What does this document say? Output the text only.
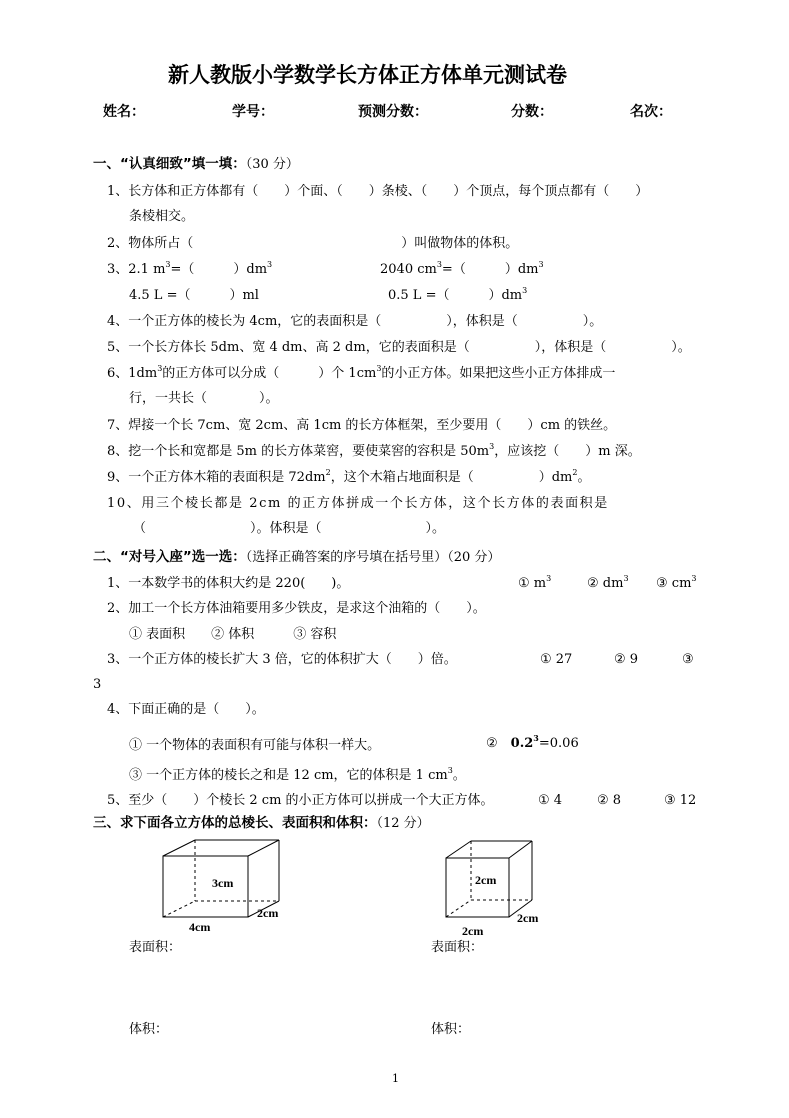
新人教版小学数学长方体正方体单元测试卷
姓名：	学号：	预测分数：	分数：	名次：
一、“认真细致”填一填：（30 分）
1、长方体和正方体都有（　　）个面、（　　）条棱、（　　）个顶点，每个顶点都有（　　）
条棱相交。
2、物体所占（　　　　　　　　　　　　　　　　）叫做物体的体积。
3、2.1 $m^3=$（　　　）$dm^3$	2040 $cm^3=$（　　　）$dm^3$
4.5 L =（　　　）ml	0.5 L =（　　　）$dm^3$
4、一个正方体的棱长为 4cm，它的表面积是（　　　　　），体积是（　　　　　）。
5、一个长方体长 5dm、宽 4 dm、高 2 dm，它的表面积是（　　　　　），体积是（　　　　　）。
6、$1dm^3$的正方体可以分成（　　　）个 $1cm^3$的小正方体。如果把这些小正方体排成一
行，一共长（　　　　）。
7、焊接一个长 7cm、宽 2cm、高 1cm 的长方体框架，至少要用（　　）cm 的铁丝。
8、挖一个长和宽都是 5m 的长方体菜窖，要使菜窖的容积是 $50m^3$，应该挖（　　）m 深。
9、一个正方体木箱的表面积是 $72dm^2$，这个木箱占地面积是（　　　　　）$dm^2$。
10、用三个棱长都是 2cm 的正方体拼成一个长方体，这个长方体的表面积是
（　　　　　　　　）。体积是（　　　　　　　　）。
二、“对号入座”选一选：（选择正确答案的序号填在括号里）（20 分）
1、一本数学书的体积大约是 220(　　)。	① $m^3$	② $dm^3$ ③ $cm^3$
2、加工一个长方体油箱要用多少铁皮，是求这个油箱的（　　）。
① 表面积　　② 体积　　　③ 容积
3、一个正方体的棱长扩大 3 倍，它的体积扩大（　　）倍。	① 27	② 9	③
3
4、下面正确的是（　　）。
① 一个物体的表面积有可能与体积一样大。	②　 $0.2^3=0.06$
③ 一个正方体的棱长之和是 12 cm，它的体积是 1 $cm^3$。
5、至少（　　）个棱长 2 cm 的小正方体可以拼成一个大正方体。	① 4	② 8	③ 12
三、求下面各立方体的总棱长、表面积和体积：（12 分）
3cm
4cm
2cm
2cm
2cm
2cm
表面积：	表面积：
体积：	体积：
1
